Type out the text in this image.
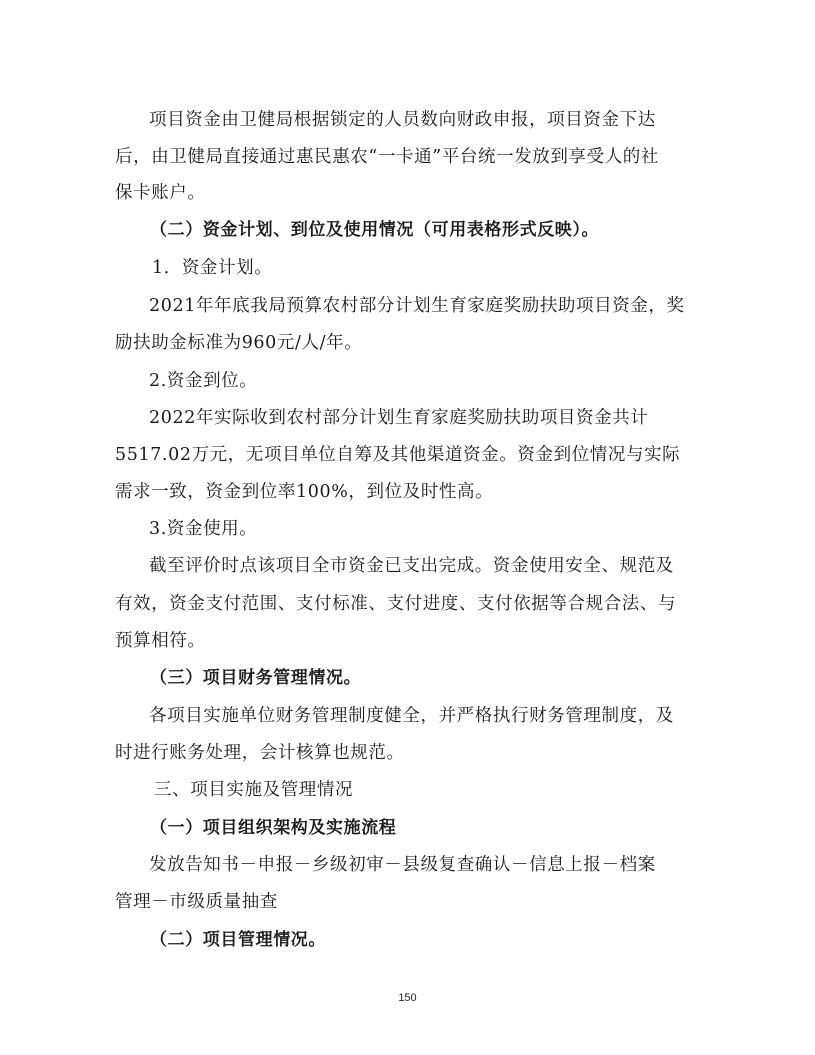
项目资金由卫健局根据锁定的人员数向财政申报，项目资金下达
后，由卫健局直接通过惠民惠农“一卡通”平台统一发放到享受人的社
保卡账户。
（二）资金计划、到位及使用情况（可用表格形式反映）。
1．资金计划。
2021年年底我局预算农村部分计划生育家庭奖励扶助项目资金，奖
励扶助金标准为960元/人/年。
2.资金到位。
2022年实际收到农村部分计划生育家庭奖励扶助项目资金共计
5517.02万元，无项目单位自筹及其他渠道资金。资金到位情况与实际
需求一致，资金到位率100%，到位及时性高。
3.资金使用。
截至评价时点该项目全市资金已支出完成。资金使用安全、规范及
有效，资金支付范围、支付标准、支付进度、支付依据等合规合法、与
预算相符。
（三）项目财务管理情况。
各项目实施单位财务管理制度健全，并严格执行财务管理制度，及
时进行账务处理，会计核算也规范。
三、项目实施及管理情况
（一）项目组织架构及实施流程
发放告知书－申报－乡级初审－县级复查确认－信息上报－档案
管理－市级质量抽查
（二）项目管理情况。
150
